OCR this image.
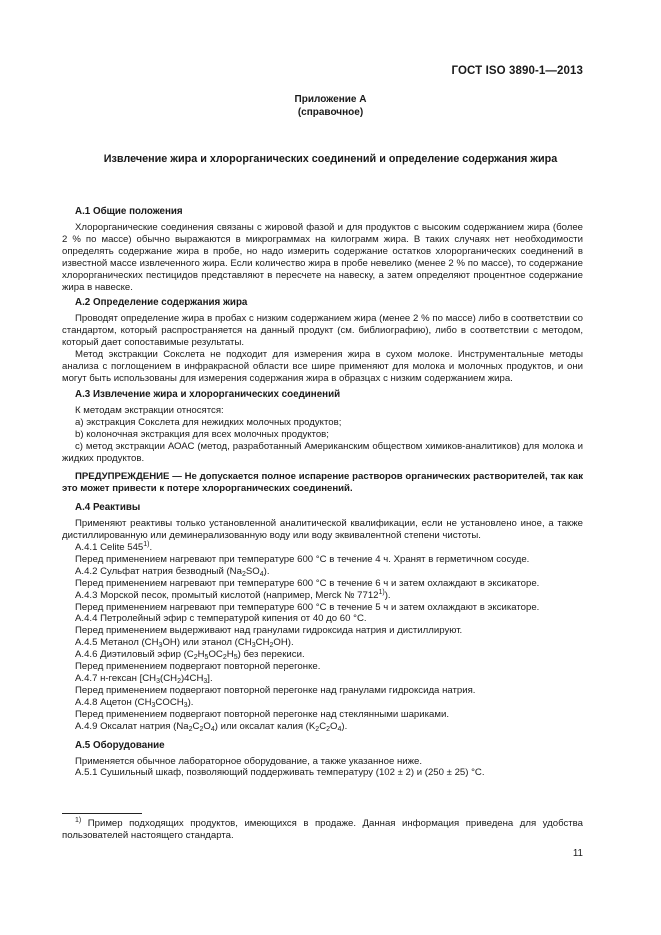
ГОСТ ISO 3890-1—2013
Приложение А
(справочное)
Извлечение жира и хлорорганических соединений и определение содержания жира
А.1 Общие положения

Хлорорганические соединения связаны с жировой фазой и для продуктов с высоким содержанием жира (более 2 % по массе) обычно выражаются в микрограммах на килограмм жира. В таких случаях нет необходимости определять содержание жира в пробе, но надо измерить содержание остатков хлорорганических соединений в известной массе извлеченного жира. Если количество жира в пробе невелико (менее 2 % по массе), то содержание хлорорганических пестицидов представляют в пересчете на навеску, а затем определяют процентное содержание жира в навеске.

А.2 Определение содержания жира

Проводят определение жира в пробах с низким содержанием жира (менее 2 % по массе) либо в соответствии со стандартом, который распространяется на данный продукт (см. библиографию), либо в соответствии с методом, который дает сопоставимые результаты.

Метод экстракции Сокслета не подходит для измерения жира в сухом молоке. Инструментальные методы анализа с поглощением в инфракрасной области все шире применяют для молока и молочных продуктов, и они могут быть использованы для измерения содержания жира в образцах с низким содержанием жира.

А.3 Извлечение жира и хлорорганических соединений

К методам экстракции относятся:

а) экстракция Сокслета для нежидких молочных продуктов;

b) колоночная экстракция для всех молочных продуктов;

с) метод экстракции АОАС (метод, разработанный Американским обществом химиков-аналитиков) для молока и жидких продуктов.

ПРЕДУПРЕЖДЕНИЕ — Не допускается полное испарение растворов органических растворителей, так как это может привести к потере хлорорганических соединений.

А.4 Реактивы

Применяют реактивы только установленной аналитической квалификации, если не установлено иное, а также дистиллированную или деминерализованную воду или воду эквивалентной степени чистоты.

А.4.1 Celite 545$^{1)}$.

Перед применением нагревают при температуре 600 °С в течение 4 ч. Хранят в герметичном сосуде.

А.4.2 Сульфат натрия безводный $(Na_2SO_4)$.

Перед применением нагревают при температуре 600 °С в течение 6 ч и затем охлаждают в эксикаторе.

А.4.3 Морской песок, промытый кислотой (например, Merck № 7712$^{1)}$).

Перед применением нагревают при температуре 600 °С в течение 5 ч и затем охлаждают в эксикаторе.

А.4.4 Петролейный эфир с температурой кипения от 40 до 60 °С.

Перед применением выдерживают над гранулами гидроксида натрия и дистиллируют.

А.4.5 Метанол $(CH_3OH)$ или этанол $(CH_3CH_2OH)$.

А.4.6 Диэтиловый эфир $(C_2H_5OC_2H_5)$ без перекиси.

Перед применением подвергают повторной перегонке.

А.4.7 н-гексан $[CH_3(CH_2)4CH_3]$.

Перед применением подвергают повторной перегонке над гранулами гидроксида натрия.

А.4.8 Ацетон $(CH_3COCH_3)$.

Перед применением подвергают повторной перегонке над стеклянными шариками.

А.4.9 Оксалат натрия $(Na_2C_2O_4)$ или оксалат калия $(K_2C_2O_4)$.

А.5 Оборудование

Применяется обычное лабораторное оборудование, а также указанное ниже.

А.5.1 Сушильный шкаф, позволяющий поддерживать температуру (102 ± 2) и (250 ± 25) °С.

$^{1)}$ Пример подходящих продуктов, имеющихся в продаже. Данная информация приведена для удобства пользователей настоящего стандарта.
11
